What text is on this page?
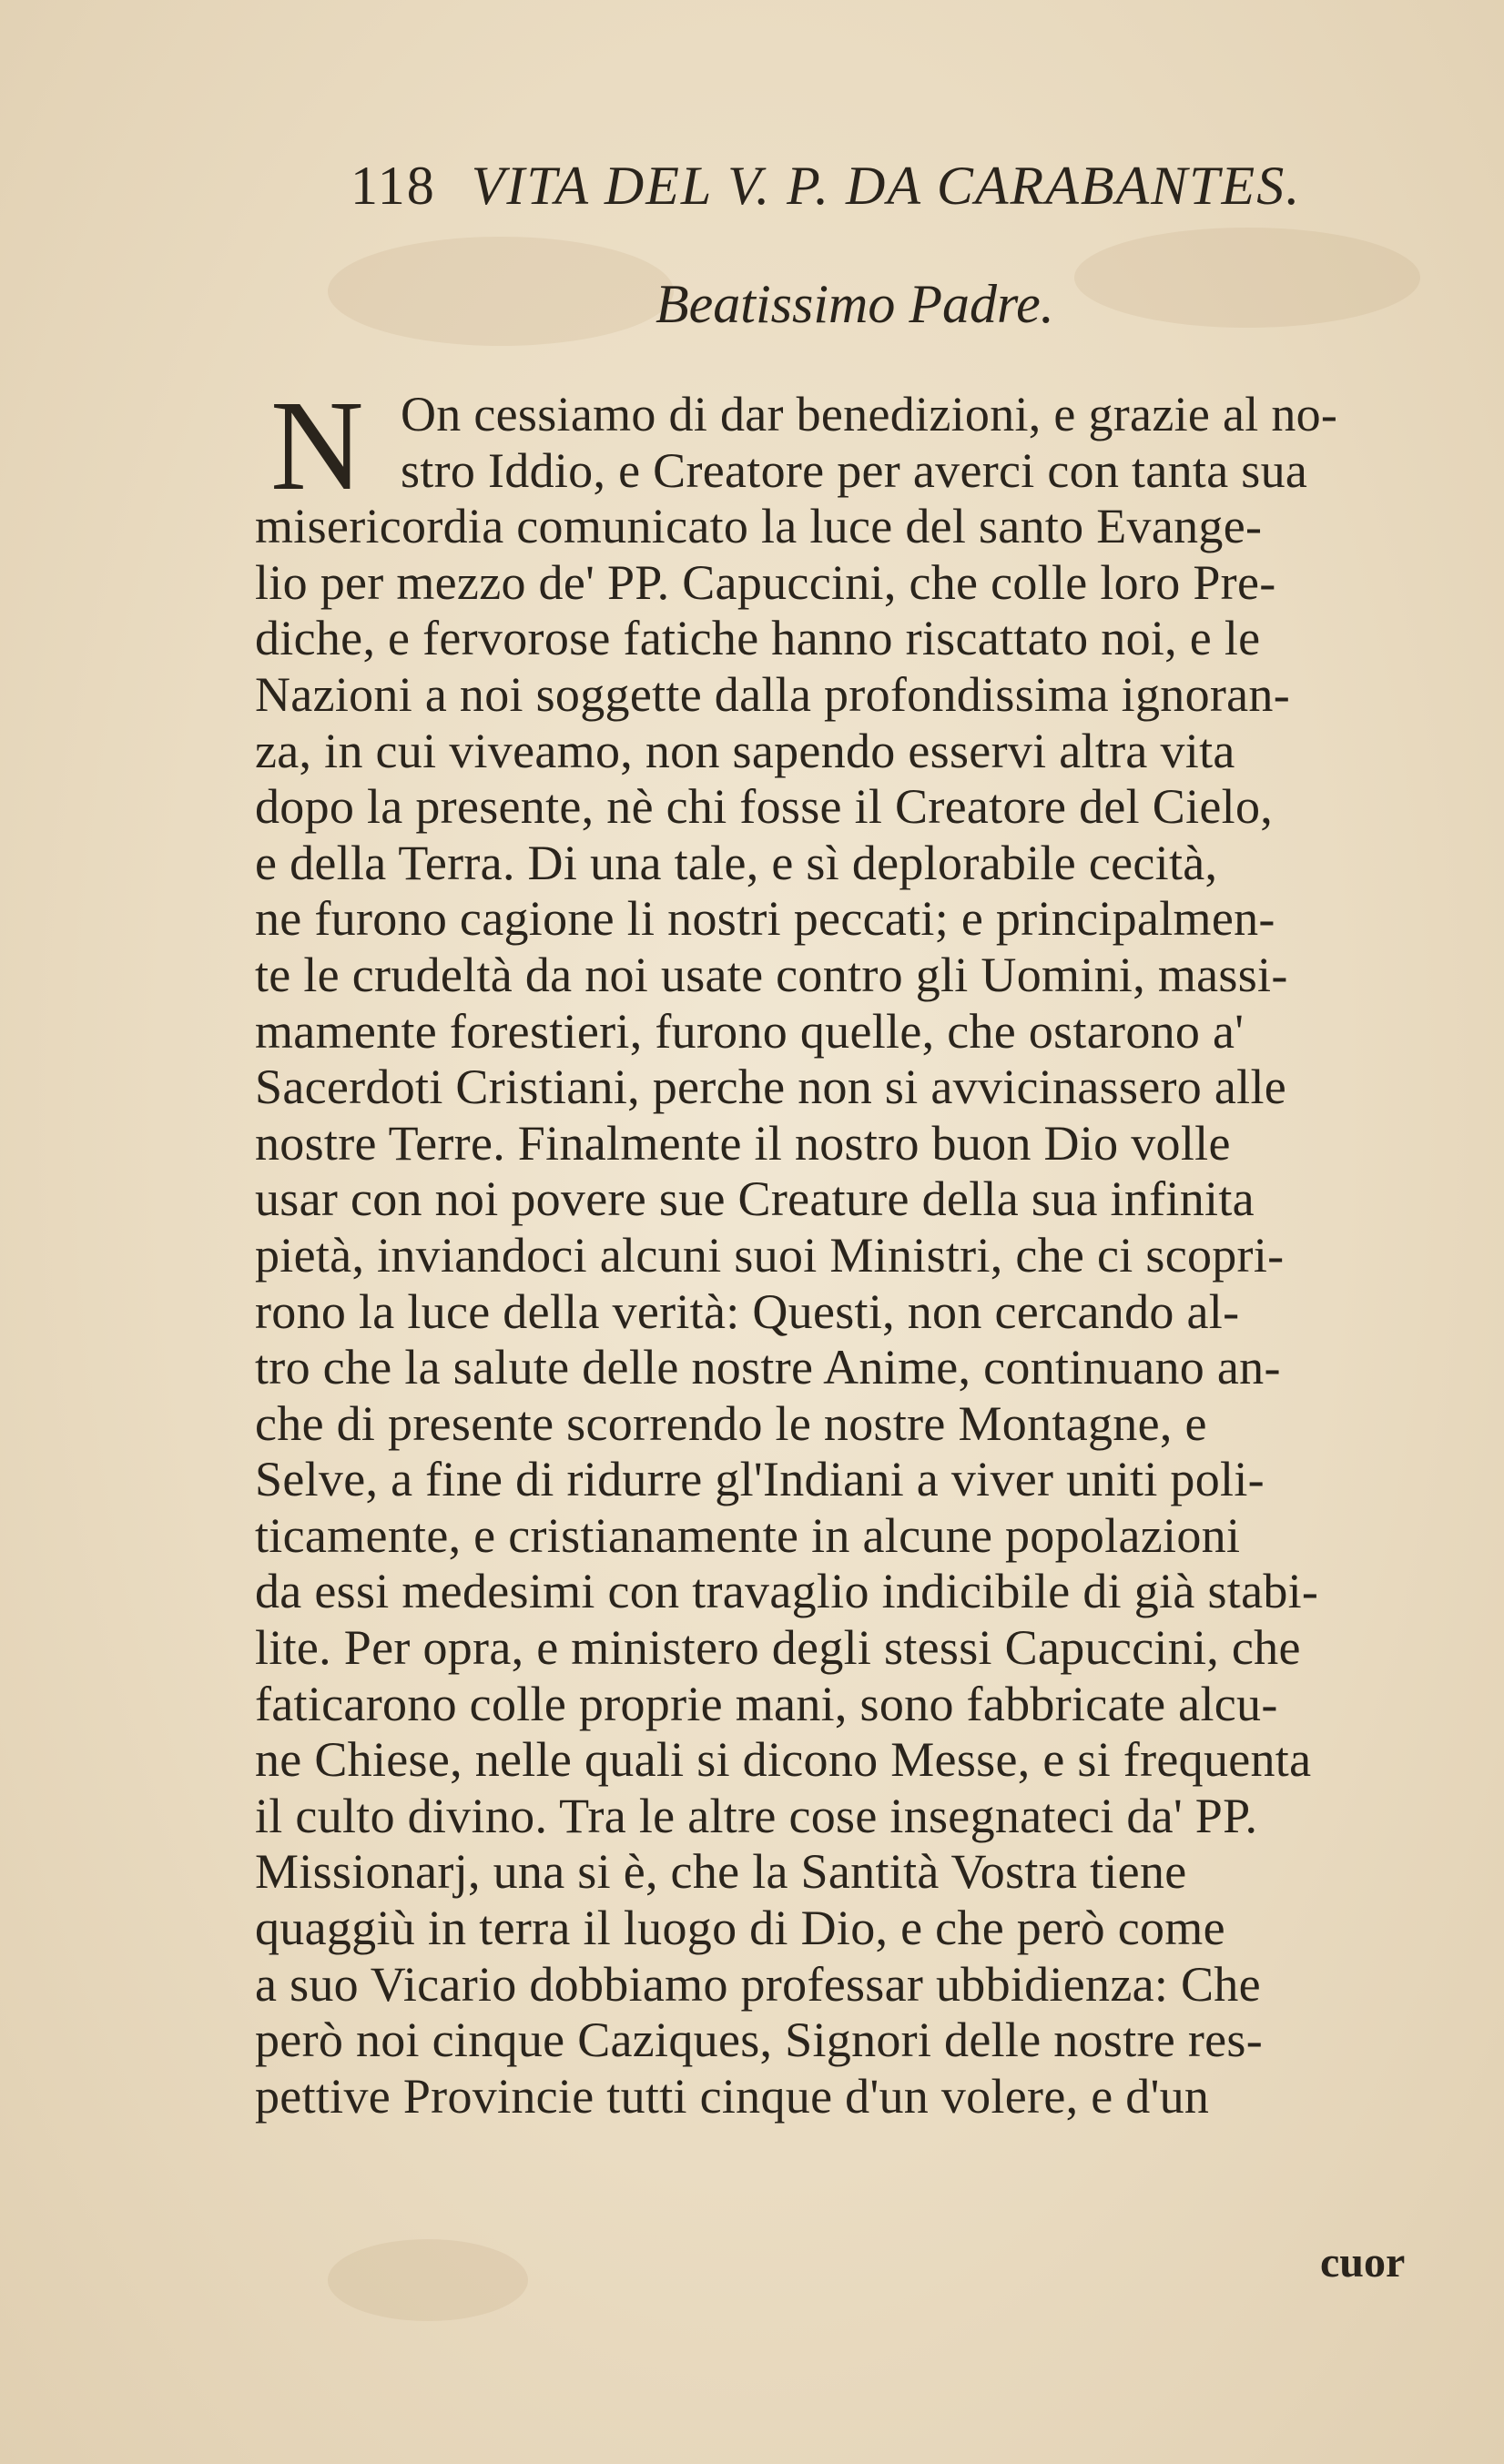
118 VITA DEL V. P. DA CARABANTES.
Beatissimo Padre.
N On cessiamo di dar benedizioni, e grazie al no-
stro Iddio, e Creatore per averci con tanta sua
misericordia comunicato la luce del santo Evange-
lio per mezzo de' PP. Capuccini, che colle loro Pre-
diche, e fervorose fatiche hanno riscattato noi, e le
Nazioni a noi soggette dalla profondissima ignoran-
za, in cui viveamo, non sapendo esservi altra vita
dopo la presente, nè chi fosse il Creatore del Cielo,
e della Terra. Di una tale, e sì deplorabile cecità,
ne furono cagione li nostri peccati; e principalmen-
te le crudeltà da noi usate contro gli Uomini, massi-
mamente forestieri, furono quelle, che ostarono a'
Sacerdoti Cristiani, perche non si avvicinassero alle
nostre Terre. Finalmente il nostro buon Dio volle
usar con noi povere sue Creature della sua infinita
pietà, inviandoci alcuni suoi Ministri, che ci scopri-
rono la luce della verità: Questi, non cercando al-
tro che la salute delle nostre Anime, continuano an-
che di presente scorrendo le nostre Montagne, e
Selve, a fine di ridurre gl'Indiani a viver uniti poli-
ticamente, e cristianamente in alcune popolazioni
da essi medesimi con travaglio indicibile di già stabi-
lite. Per opra, e ministero degli stessi Capuccini, che
faticarono colle proprie mani, sono fabbricate alcu-
ne Chiese, nelle quali si dicono Messe, e si frequenta
il culto divino. Tra le altre cose insegnateci da' PP.
Missionarj, una si è, che la Santità Vostra tiene
quaggiù in terra il luogo di Dio, e che però come
a suo Vicario dobbiamo professar ubbidienza: Che
però noi cinque Caziques, Signori delle nostre res-
pettive Provincie tutti cinque d'un volere, e d'un
cuor
